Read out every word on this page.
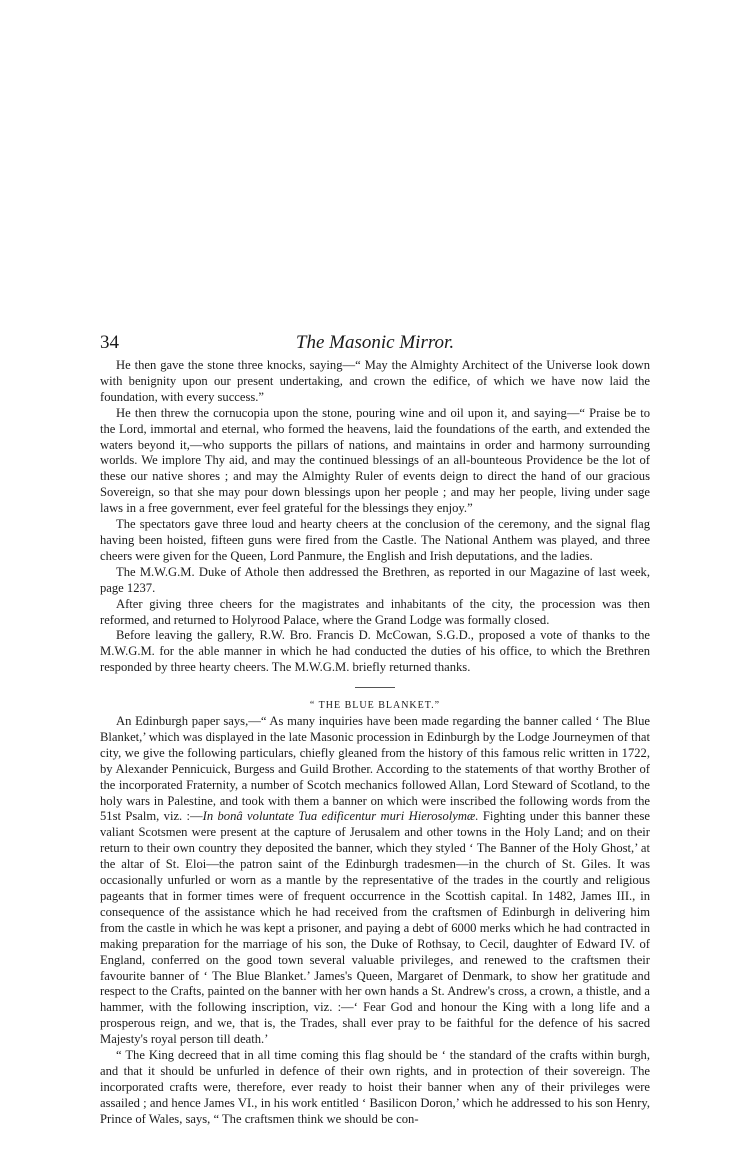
34	The Masonic Mirror.

He then gave the stone three knocks, saying—“ May the Almighty Architect of the Universe look down with benignity upon our present undertaking, and crown the edifice, of which we have now laid the foundation, with every success.”

He then threw the cornucopia upon the stone, pouring wine and oil upon it, and saying—“ Praise be to the Lord, immortal and eternal, who formed the heavens, laid the foundations of the earth, and extended the waters beyond it,—who supports the pillars of nations, and maintains in order and harmony surrounding worlds. We implore Thy aid, and may the continued blessings of an all-bounteous Providence be the lot of these our native shores ; and may the Almighty Ruler of events deign to direct the hand of our gracious Sovereign, so that she may pour down blessings upon her people ; and may her people, living under sage laws in a free government, ever feel grateful for the blessings they enjoy.”

The spectators gave three loud and hearty cheers at the conclusion of the ceremony, and the signal flag having been hoisted, fifteen guns were fired from the Castle. The National Anthem was played, and three cheers were given for the Queen, Lord Panmure, the English and Irish deputations, and the ladies.

The M.W.G.M. Duke of Athole then addressed the Brethren, as reported in our Magazine of last week, page 1237.

After giving three cheers for the magistrates and inhabitants of the city, the procession was then reformed, and returned to Holyrood Palace, where the Grand Lodge was formally closed.

Before leaving the gallery, R.W. Bro. Francis D. McCowan, S.G.D., proposed a vote of thanks to the M.W.G.M. for the able manner in which he had conducted the duties of his office, to which the Brethren responded by three hearty cheers. The M.W.G.M. briefly returned thanks.

“ THE BLUE BLANKET.”

An Edinburgh paper says,—“ As many inquiries have been made regarding the banner called ‘ The Blue Blanket,’ which was displayed in the late Masonic procession in Edinburgh by the Lodge Journeymen of that city, we give the following particulars, chiefly gleaned from the history of this famous relic written in 1722, by Alexander Pennicuick, Burgess and Guild Brother. According to the statements of that worthy Brother of the incorporated Fraternity, a number of Scotch mechanics followed Allan, Lord Steward of Scotland, to the holy wars in Palestine, and took with them a banner on which were inscribed the following words from the 51st Psalm, viz. :—In bonâ voluntate Tua edificentur muri Hierosolymæ. Fighting under this banner these valiant Scotsmen were present at the capture of Jerusalem and other towns in the Holy Land; and on their return to their own country they deposited the banner, which they styled ‘ The Banner of the Holy Ghost,’ at the altar of St. Eloi—the patron saint of the Edinburgh tradesmen—in the church of St. Giles. It was occasionally unfurled or worn as a mantle by the representative of the trades in the courtly and religious pageants that in former times were of frequent occurrence in the Scottish capital. In 1482, James III., in consequence of the assistance which he had received from the craftsmen of Edinburgh in delivering him from the castle in which he was kept a prisoner, and paying a debt of 6000 merks which he had contracted in making preparation for the marriage of his son, the Duke of Rothsay, to Cecil, daughter of Edward IV. of England, conferred on the good town several valuable privileges, and renewed to the craftsmen their favourite banner of ‘ The Blue Blanket.’ James's Queen, Margaret of Denmark, to show her gratitude and respect to the Crafts, painted on the banner with her own hands a St. Andrew's cross, a crown, a thistle, and a hammer, with the following inscription, viz. :—‘ Fear God and honour the King with a long life and a prosperous reign, and we, that is, the Trades, shall ever pray to be faithful for the defence of his sacred Majesty's royal person till death.’

“ The King decreed that in all time coming this flag should be ‘ the standard of the crafts within burgh, and that it should be unfurled in defence of their own rights, and in protection of their sovereign. The incorporated crafts were, therefore, ever ready to hoist their banner when any of their privileges were assailed ; and hence James VI., in his work entitled ‘ Basilicon Doron,’ which he addressed to his son Henry, Prince of Wales, says, “ The craftsmen think we should be con-
